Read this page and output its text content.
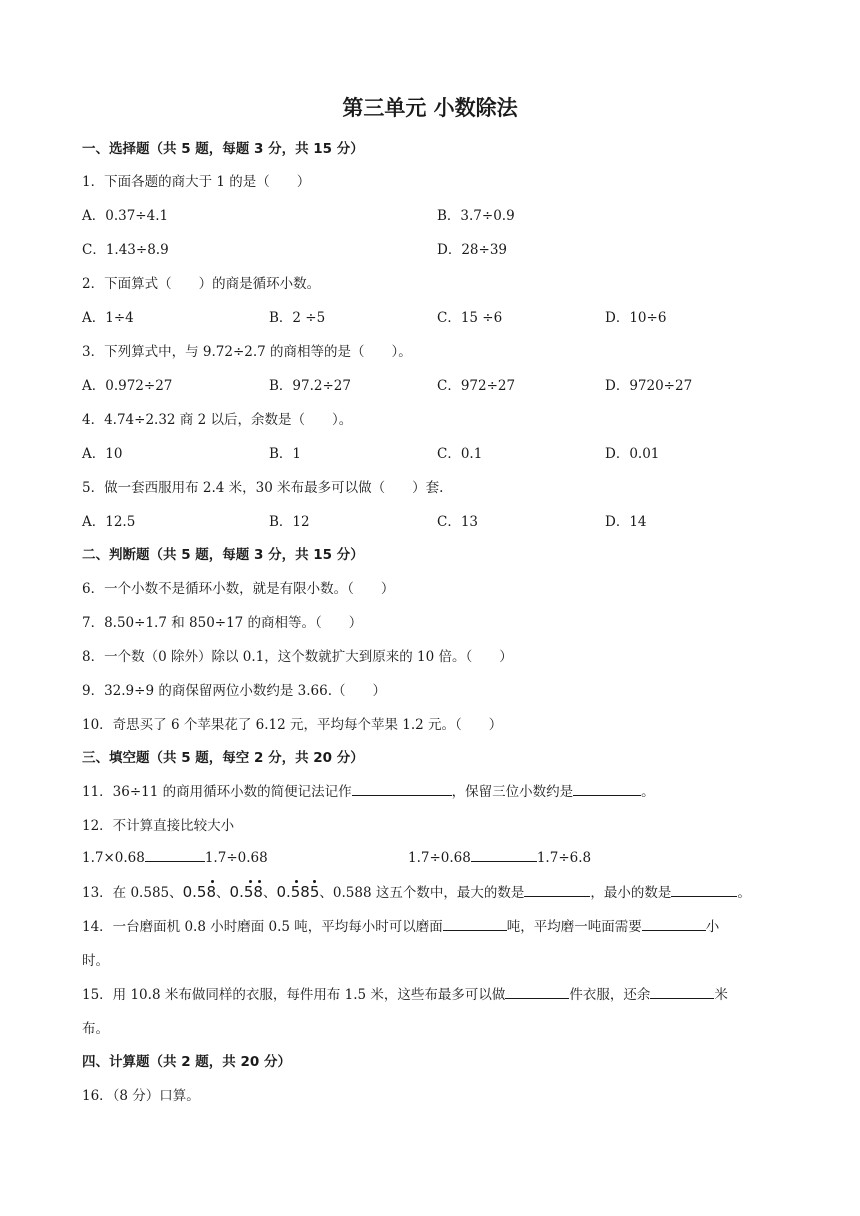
第三单元 小数除法
一、选择题（共 5 题，每题 3 分，共 15 分）
1．下面各题的商大于 1 的是（　　）
A．0.37÷4.1	B．3.7÷0.9
C．1.43÷8.9	D．28÷39
2．下面算式（　　）的商是循环小数。
A．1÷4	B．2 ÷5	C．15 ÷6	D．10÷6
3．下列算式中，与 9.72÷2.7 的商相等的是（　　）。
A．0.972÷27	B．97.2÷27	C．972÷27	D．9720÷27
4．4.74÷2.32 商 2 以后，余数是（　　）。
A．10	B．1	C．0.1	D．0.01
5．做一套西服用布 2.4 米，30 米布最多可以做（　　）套.
A．12.5	B．12	C．13	D．14
二、判断题（共 5 题，每题 3 分，共 15 分）
6．一个小数不是循环小数，就是有限小数。（　　）
7．8.50÷1.7 和 850÷17 的商相等。（　　）
8．一个数（0 除外）除以 0.1，这个数就扩大到原来的 10 倍。（　　）
9．32.9÷9 的商保留两位小数约是 3.66.（　　）
10．奇思买了 6 个苹果花了 6.12 元，平均每个苹果 1.2 元。（　　）
三、填空题（共 5 题，每空 2 分，共 20 分）
11．36÷11 的商用循环小数的简便记法记作	，保留三位小数约是	。
12．不计算直接比较大小
1.7×0.68	1.7÷0.68	1.7÷0.68	1.7÷6.8
13．在 0.585、0.58
、0.58
、0.585
、0.588 这五个数中，最大的数是	，最小的数是	。
14．一台磨面机 0.8 小时磨面 0.5 吨，平均每小时可以磨面	吨，平均磨一吨面需要	小
时。
15．用 10.8 米布做同样的衣服，每件用布 1.5 米，这些布最多可以做	件衣服，还余	米
布。
四、计算题（共 2 题，共 20 分）
16．（8 分）口算。
